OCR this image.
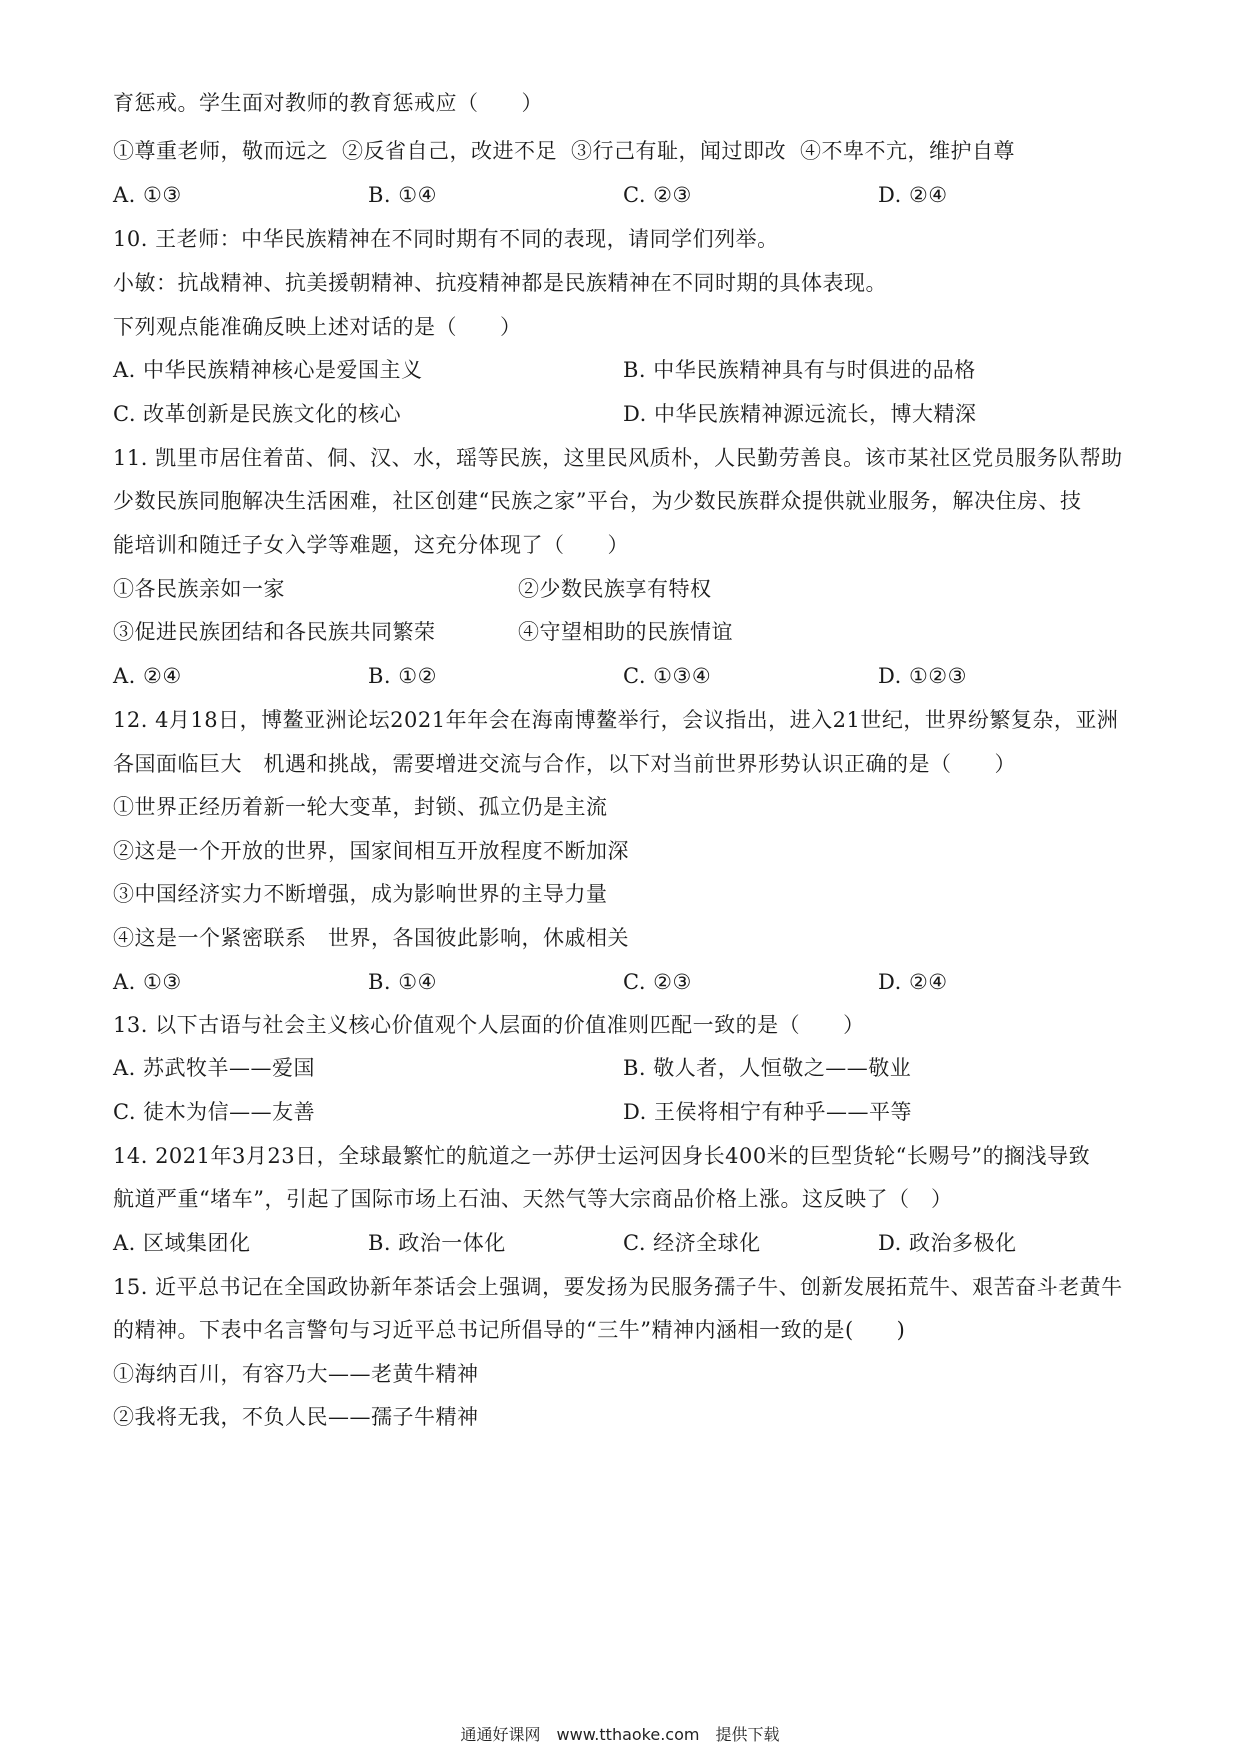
育惩戒。学生面对教师的教育惩戒应（　　）
①尊重老师，敬而远之 ②反省自己，改进不足 ③行己有耻，闻过即改 ④不卑不亢，维护自尊
A. ①③	B. ①④	C. ②③	D. ②④
10. 王老师：中华民族精神在不同时期有不同的表现，请同学们列举。
小敏：抗战精神、抗美援朝精神、抗疫精神都是民族精神在不同时期的具体表现。
下列观点能准确反映上述对话的是（　　）
A. 中华民族精神核心是爱国主义	B. 中华民族精神具有与时俱进的品格
C. 改革创新是民族文化的核心	D. 中华民族精神源远流长，博大精深
11. 凯里市居住着苗、侗、汉、水，瑶等民族，这里民风质朴，人民勤劳善良。该市某社区党员服务队帮助
少数民族同胞解决生活困难，社区创建“民族之家”平台，为少数民族群众提供就业服务，解决住房、技
能培训和随迁子女入学等难题，这充分体现了（　　）
①各民族亲如一家	②少数民族享有特权
③促进民族团结和各民族共同繁荣	④守望相助的民族情谊
A. ②④	B. ①②	C. ①③④	D. ①②③
12. 4月18日，博鳌亚洲论坛2021年年会在海南博鳌举行，会议指出，进入21世纪，世界纷繁复杂，亚洲
各国面临巨大　机遇和挑战，需要增进交流与合作，以下对当前世界形势认识正确的是（　　）
①世界正经历着新一轮大变革，封锁、孤立仍是主流
②这是一个开放的世界，国家间相互开放程度不断加深
③中国经济实力不断增强，成为影响世界的主导力量
④这是一个紧密联系　世界，各国彼此影响，休戚相关
A. ①③	B. ①④	C. ②③	D. ②④
13. 以下古语与社会主义核心价值观个人层面的价值准则匹配一致的是（　　）
A. 苏武牧羊——爱国	B. 敬人者，人恒敬之——敬业
C. 徒木为信——友善	D. 王侯将相宁有种乎——平等
14. 2021年3月23日，全球最繁忙的航道之一苏伊士运河因身长400米的巨型货轮“长赐号”的搁浅导致
航道严重“堵车”，引起了国际市场上石油、天然气等大宗商品价格上涨。这反映了（　）
A. 区域集团化	B. 政治一体化	C. 经济全球化	D. 政治多极化
15. 近平总书记在全国政协新年茶话会上强调，要发扬为民服务孺子牛、创新发展拓荒牛、艰苦奋斗老黄牛
的精神。下表中名言警句与习近平总书记所倡导的“三牛”精神内涵相一致的是(　　)
①海纳百川，有容乃大——老黄牛精神
②我将无我，不负人民——孺子牛精神
通通好课网　www.tthaoke.com　提供下载
